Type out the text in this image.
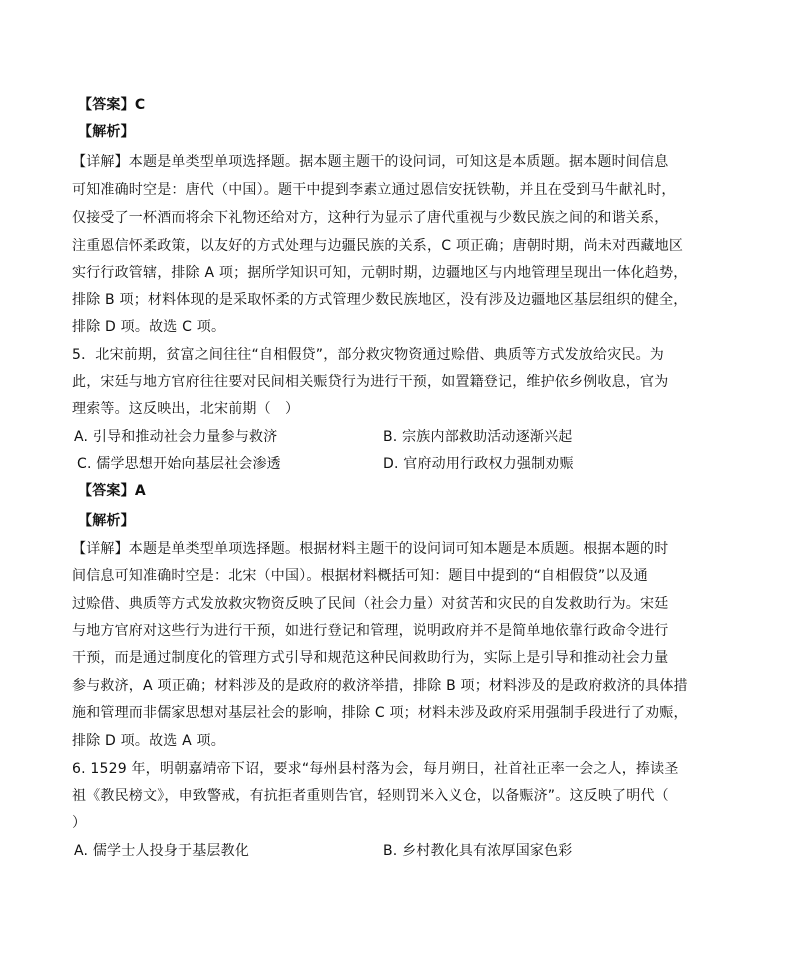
【答案】C
【解析】
【详解】本题是单类型单项选择题。据本题主题干的设问词，可知这是本质题。据本题时间信息
可知准确时空是：唐代（中国）。题干中提到李素立通过恩信安抚铁勒，并且在受到马牛献礼时，
仅接受了一杯酒而将余下礼物还给对方，这种行为显示了唐代重视与少数民族之间的和谐关系，
注重恩信怀柔政策，以友好的方式处理与边疆民族的关系，C 项正确；唐朝时期，尚未对西藏地区
实行行政管辖，排除 A 项；据所学知识可知，元朝时期，边疆地区与内地管理呈现出一体化趋势，
排除 B 项；材料体现的是采取怀柔的方式管理少数民族地区，没有涉及边疆地区基层组织的健全，
排除 D 项。故选 C 项。
5．北宋前期，贫富之间往往“自相假贷”，部分救灾物资通过赊借、典质等方式发放给灾民。为
此，宋廷与地方官府往往要对民间相关赈贷行为进行干预，如置籍登记，维护依乡例收息，官为
理索等。这反映出，北宋前期（　）
A. 引导和推动社会力量参与救济	B. 宗族内部救助活动逐渐兴起
C. 儒学思想开始向基层社会渗透	D. 官府动用行政权力强制劝赈
【答案】A
【解析】
【详解】本题是单类型单项选择题。根据材料主题干的设问词可知本题是本质题。根据本题的时
间信息可知准确时空是：北宋（中国）。根据材料概括可知：题目中提到的“自相假贷”以及通
过赊借、典质等方式发放救灾物资反映了民间（社会力量）对贫苦和灾民的自发救助行为。宋廷
与地方官府对这些行为进行干预，如进行登记和管理，说明政府并不是简单地依靠行政命令进行
干预，而是通过制度化的管理方式引导和规范这种民间救助行为，实际上是引导和推动社会力量
参与救济，A 项正确；材料涉及的是政府的救济举措，排除 B 项；材料涉及的是政府救济的具体措
施和管理而非儒家思想对基层社会的影响，排除 C 项；材料未涉及政府采用强制手段进行了劝赈，
排除 D 项。故选 A 项。
6. 1529 年，明朝嘉靖帝下诏，要求“每州县村落为会，每月朔日，社首社正率一会之人，捧读圣
祖《教民榜文》，申致警戒，有抗拒者重则告官，轻则罚米入义仓，以备赈济”。这反映了明代（
）
A. 儒学士人投身于基层教化	B. 乡村教化具有浓厚国家色彩
